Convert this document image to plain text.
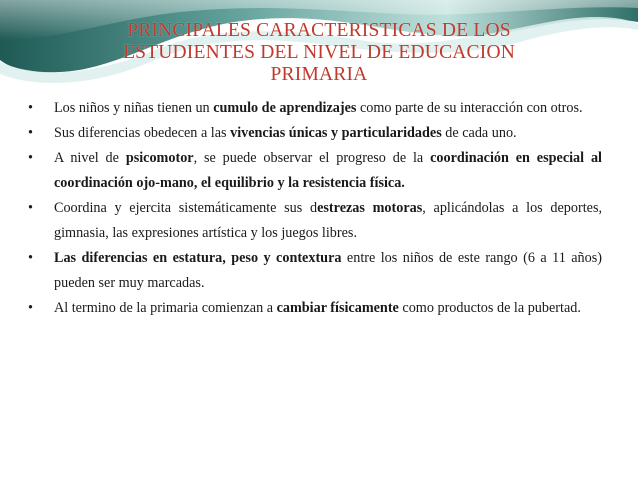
PRINCIPALES CARACTERISTICAS DE LOS
ESTUDIENTES DEL NIVEL DE EDUCACION
PRIMARIA
• Los niños y niñas tienen un cumulo de aprendizajes como parte de su interacción con otros.
• Sus diferencias obedecen a las vivencias únicas y particularidades de cada uno.
• A nivel de psicomotor, se puede observar el progreso de la coordinación en especial al coordinación ojo-mano, el equilibrio y la resistencia física.
• Coordina y ejercita sistemáticamente sus destrezas motoras, aplicándolas a los deportes, gimnasia, las expresiones artística y los juegos libres.
• Las diferencias en estatura, peso y contextura entre los niños de este rango (6 a 11 años) pueden ser muy marcadas.
• Al termino de la primaria comienzan a cambiar físicamente como productos de la pubertad.
